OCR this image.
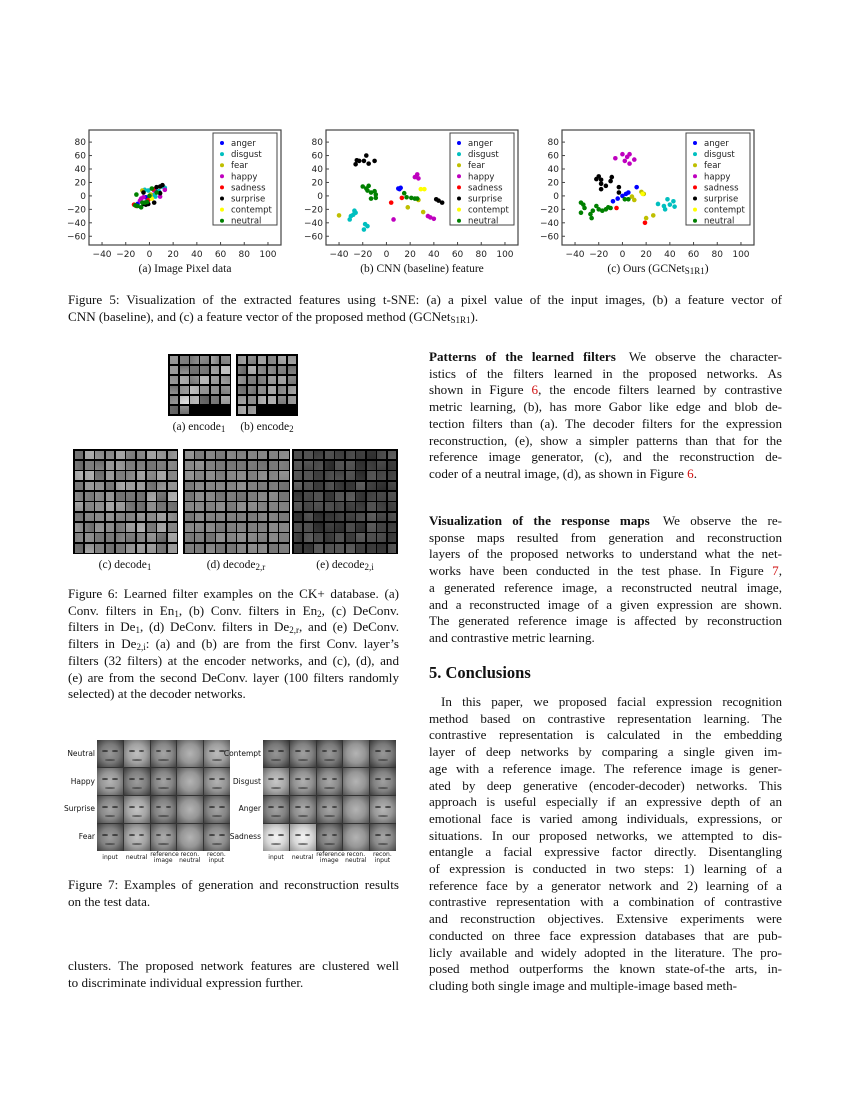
−40 −20 0 20 40 60 80 100
80
60
40
20
0
−20
−40
−60
anger
disgust
fear
happy
sadness
surprise
contempt
neutral
(a) Image Pixel data
−40 −20 0 20 40 60 80 100
80
60
40
20
0
−20
−40
−60
anger
disgust
fear
happy
sadness
surprise
contempt
neutral
(b) CNN (baseline) feature
−40 −20 0 20 40 60 80 100
80
60
40
20
0
−20
−40
−60
anger
disgust
fear
happy
sadness
surprise
contempt
neutral
(c) Ours (GCNet$_{S1R1}$)
Figure 5: Visualization of the extracted features using t-SNE: (a) a pixel value of the input images, (b) a feature vector of
CNN (baseline), and (c) a feature vector of the proposed method (GCNet$_{S1R1}$).
(a) encode$_1$	(b) encode$_2$
(c) decode$_1$	(d) decode$_{2,r}$	(e) decode$_{2,i}$
Neutral
Happy
Surprise
Fear
input	neutral reference image
recon. neutral
recon. input
Contempt
Disgust
Anger
Sadness
input	neutral reference image
recon. neutral
recon. input
Patterns of the learned filters We observe the character-
istics of the filters learned in the proposed networks. As
shown in Figure 6, the encode filters learned by contrastive
metric learning, (b), has more Gabor like edge and blob de-
tection filters than (a). The decoder filters for the expression
reconstruction, (e), show a simpler patterns than that for the
reference image generator, (c), and the reconstruction de-
coder of a neutral image, (d), as shown in Figure 6.
Visualization of the response maps We observe the re-
sponse maps resulted from generation and reconstruction
layers of the proposed networks to understand what the net-
works have been conducted in the test phase. In Figure 7,
a generated reference image, a reconstructed neutral image,
and a reconstructed image of a given expression are shown.
The generated reference image is affected by reconstruction
and contrastive metric learning.
In this paper, we proposed facial expression recognition
method based on contrastive representation learning. The
contrastive representation is calculated in the embedding
layer of deep networks by comparing a single given im-
age with a reference image. The reference image is gener-
ated by deep generative (encoder-decoder) networks. This
approach is useful especially if an expressive depth of an
emotional face is varied among individuals, expressions, or
situations. In our proposed networks, we attempted to dis-
entangle a facial expressive factor directly. Disentangling
of expression is conducted in two steps: 1) learning of a
reference face by a generator network and 2) learning of a
contrastive representation with a combination of contrastive
and reconstruction objectives. Extensive experiments were
conducted on three face expression databases that are pub-
licly available and widely adopted in the literature. The pro-
posed method outperforms the known state-of-the arts, in-
cluding both single image and multiple-image based meth-
Figure 6: Learned filter examples on the CK+ database. (a)
Conv. filters in $En_1$, (b) Conv. filters in $En_2$, (c) DeConv.
filters in $De_1$, (d) DeConv. filters in $De_{2,r}$, and (e) DeConv.
filters in $De_{2,i}$: (a) and (b) are from the first Conv. layer’s
filters (32 filters) at the encoder networks, and (c), (d), and
(e) are from the second DeConv. layer (100 filters randomly
selected) at the decoder networks.
Figure 7: Examples of generation and reconstruction results
on the test data.
clusters. The proposed network features are clustered well
to discriminate individual expression further.
5. Conclusions
